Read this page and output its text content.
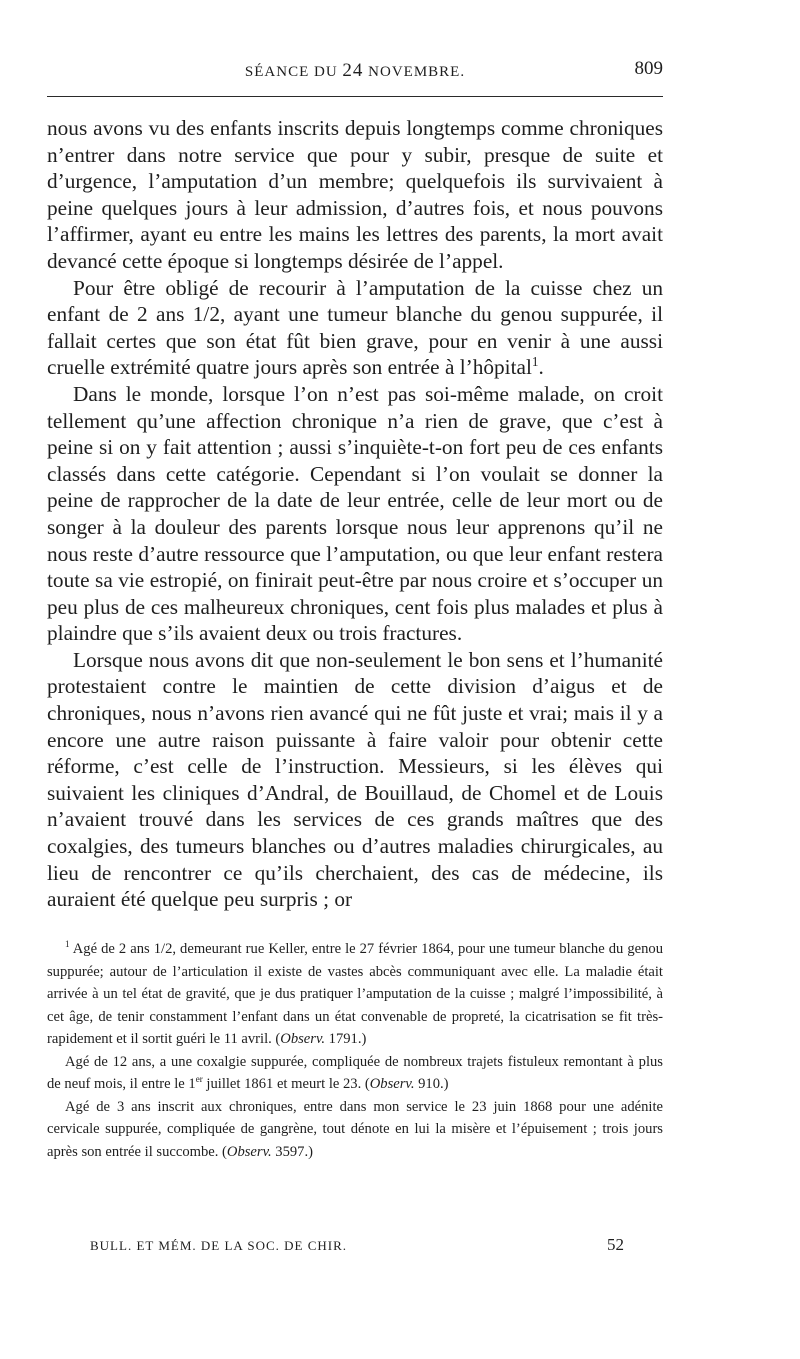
SÉANCE DU 24 NOVEMBRE.	809

nous avons vu des enfants inscrits depuis longtemps comme chroniques n’entrer dans notre service que pour y subir, presque de suite et d’urgence, l’amputation d’un membre; quelquefois ils survivaient à peine quelques jours à leur admission, d’autres fois, et nous pouvons l’affirmer, ayant eu entre les mains les lettres des parents, la mort avait devancé cette époque si longtemps désirée de l’appel.

Pour être obligé de recourir à l’amputation de la cuisse chez un enfant de 2 ans 1/2, ayant une tumeur blanche du genou suppurée, il fallait certes que son état fût bien grave, pour en venir à une aussi cruelle extrémité quatre jours après son entrée à l’hôpital$^1$.

Dans le monde, lorsque l’on n’est pas soi-même malade, on croit tellement qu’une affection chronique n’a rien de grave, que c’est à peine si on y fait attention ; aussi s’inquiète-t-on fort peu de ces enfants classés dans cette catégorie. Cependant si l’on voulait se donner la peine de rapprocher de la date de leur entrée, celle de leur mort ou de songer à la douleur des parents lorsque nous leur apprenons qu’il ne nous reste d’autre ressource que l’amputation, ou que leur enfant restera toute sa vie estropié, on finirait peut-être par nous croire et s’occuper un peu plus de ces malheureux chroniques, cent fois plus malades et plus à plaindre que s’ils avaient deux ou trois fractures.

Lorsque nous avons dit que non-seulement le bon sens et l’humanité protestaient contre le maintien de cette division d’aigus et de chroniques, nous n’avons rien avancé qui ne fût juste et vrai; mais il y a encore une autre raison puissante à faire valoir pour obtenir cette réforme, c’est celle de l’instruction. Messieurs, si les élèves qui suivaient les cliniques d’Andral, de Bouillaud, de Chomel et de Louis n’avaient trouvé dans les services de ces grands maîtres que des coxalgies, des tumeurs blanches ou d’autres maladies chirurgicales, au lieu de rencontrer ce qu’ils cherchaient, des cas de médecine, ils auraient été quelque peu surpris ; or

$^1$ Agé de 2 ans 1/2, demeurant rue Keller, entre le 27 février 1864, pour une tumeur blanche du genou suppurée; autour de l’articulation il existe de vastes abcès communiquant avec elle. La maladie était arrivée à un tel état de gravité, que je dus pratiquer l’amputation de la cuisse ; malgré l’impossibilité, à cet âge, de tenir constamment l’enfant dans un état convenable de propreté, la cicatrisation se fit très-rapidement et il sortit guéri le 11 avril. (Observ. 1791.)

Agé de 12 ans, a une coxalgie suppurée, compliquée de nombreux trajets fistuleux remontant à plus de neuf mois, il entre le 1er juillet 1861 et meurt le 23. (Observ. 910.)

Agé de 3 ans inscrit aux chroniques, entre dans mon service le 23 juin 1868 pour une adénite cervicale suppurée, compliquée de gangrène, tout dénote en lui la misère et l’épuisement ; trois jours après son entrée il succombe. (Observ. 3597.)

BULL. ET MÉM. DE LA SOC. DE CHIR.	52
